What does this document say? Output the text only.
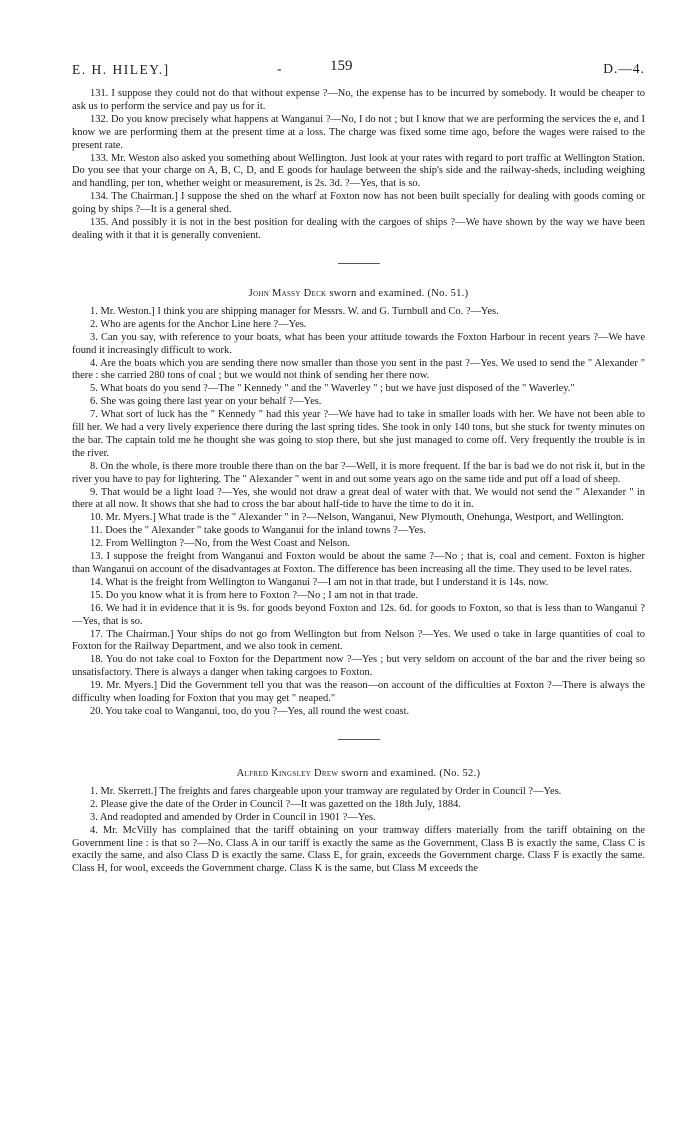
E. H. HILEY.]	-	159	D.—4.

131. I suppose they could not do that without expense ?—No, the expense has to be incurred by somebody. It would be cheaper to ask us to perform the service and pay us for it.

132. Do you know precisely what happens at Wanganui ?—No, I do not ; but I know that we are performing the services the e, and I know we are performing them at the present time at a loss. The charge was fixed some time ago, before the wages were raised to the present rate.

133. Mr. Weston also asked you something about Wellington. Just look at your rates with regard to port traffic at Wellington Station. Do you see that your charge on A, B, C, D, and E goods for haulage between the ship's side and the railway-sheds, including weighing and handling, per ton, whether weight or measurement, is 2s. 3d. ?—Yes, that is so.

134. The Chairman.] I suppose the shed on the wharf at Foxton now has not been built specially for dealing with goods coming or going by ships ?—It is a general shed.

135. And possibly it is not in the best position for dealing with the cargoes of ships ?—We have shown by the way we have been dealing with it that it is generally convenient.

John Massy Deck sworn and examined. (No. 51.)

1. Mr. Weston.] I think you are shipping manager for Messrs. W. and G. Turnbull and Co. ?—Yes.

2. Who are agents for the Anchor Line here ?—Yes.

3. Can you say, with reference to your boats, what has been your attitude towards the Foxton Harbour in recent years ?—We have found it increasingly difficult to work.

4. Are the boats which you are sending there now smaller than those you sent in the past ?—Yes. We used to send the " Alexander " there : she carried 280 tons of coal ; but we would not think of sending her there now.

5. What boats do you send ?—The " Kennedy " and the " Waverley " ; but we have just disposed of the " Waverley."

6. She was going there last year on your behalf ?—Yes.

7. What sort of luck has the " Kennedy " had this year ?—We have had to take in smaller loads with her. We have not been able to fill her. We had a very lively experience there during the last spring tides. She took in only 140 tons, but she stuck for twenty minutes on the bar. The captain told me he thought she was going to stop there, but she just managed to come off. Very frequently the trouble is in the river.

8. On the whole, is there more trouble there than on the bar ?—Well, it is more frequent. If the bar is bad we do not risk it, but in the river you have to pay for lightering. The " Alexander " went in and out some years ago on the same tide and put off a load of sheep.

9. That would be a light load ?—Yes, she would not draw a great deal of water with that. We would not send the " Alexander " in there at all now. It shows that she had to cross the bar about half-tide to have the time to do it in.

10. Mr. Myers.] What trade is the " Alexander " in ?—Nelson, Wanganui, New Plymouth, Onehunga, Westport, and Wellington.

11. Does the " Alexander " take goods to Wanganui for the inland towns ?—Yes.

12. From Wellington ?—No, from the West Coast and Nelson.

13. I suppose the freight from Wanganui and Foxton would be about the same ?—No ; that is, coal and cement. Foxton is higher than Wanganui on account of the disadvantages at Foxton. The difference has been increasing all the time. They used to be level rates.

14. What is the freight from Wellington to Wanganui ?—I am not in that trade, but I understand it is 14s. now.

15. Do you know what it is from here to Foxton ?—No ; I am not in that trade.

16. We had it in evidence that it is 9s. for goods beyond Foxton and 12s. 6d. for goods to Foxton, so that is less than to Wanganui ?—Yes, that is so.

17. The Chairman.] Your ships do not go from Wellington but from Nelson ?—Yes. We used o take in large quantities of coal to Foxton for the Railway Department, and we also took in cement.

18. You do not take coal to Foxton for the Department now ?—Yes ; but very seldom on account of the bar and the river being so unsatisfactory. There is always a danger when taking cargoes to Foxton.

19. Mr. Myers.] Did the Government tell you that was the reason—on account of the difficulties at Foxton ?—There is always the difficulty when loading for Foxton that you may get " neaped."

20. You take coal to Wanganui, too, do you ?—Yes, all round the west coast.

Alfred Kingsley Drew sworn and examined. (No. 52.)

1. Mr. Skerrett.] The freights and fares chargeable upon your tramway are regulated by Order in Council ?—Yes.

2. Please give the date of the Order in Council ?—It was gazetted on the 18th July, 1884.

3. And readopted and amended by Order in Council in 1901 ?—Yes.

4. Mr. McVilly has complained that the tariff obtaining on your tramway differs materially from the tariff obtaining on the Government line : is that so ?—No. Class A in our tariff is exactly the same as the Government, Class B is exactly the same, Class C is exactly the same, and also Class D is exactly the same. Class E, for grain, exceeds the Government charge. Class F is exactly the same. Class H, for wool, exceeds the Government charge. Class K is the same, but Class M exceeds the
